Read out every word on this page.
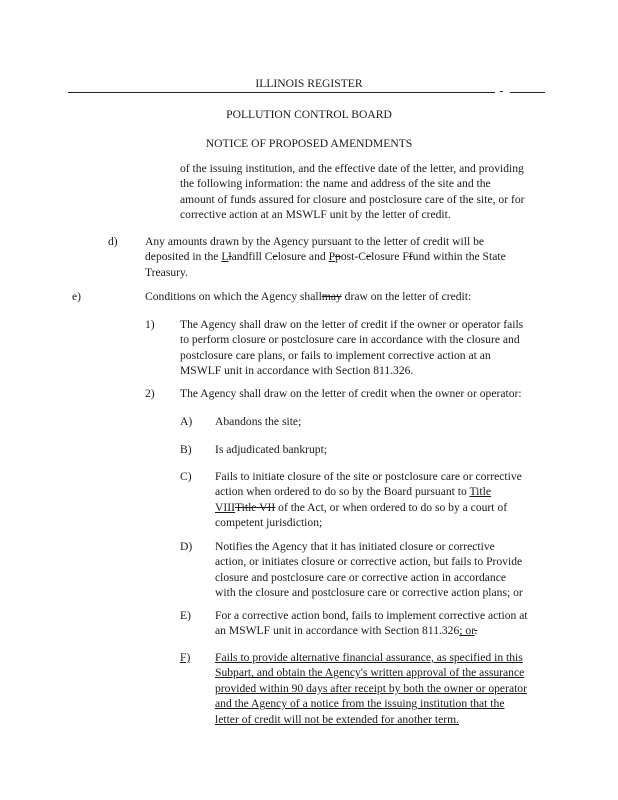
ILLINOIS REGISTER
POLLUTION CONTROL BOARD
NOTICE OF PROPOSED AMENDMENTS
of the issuing institution, and the effective date of the letter, and providing
the following information: the name and address of the site and the
amount of funds assured for closure and postclosure care of the site, or for
corrective action at an MSWLF unit by the letter of credit.
d) Any amounts drawn by the Agency pursuant to the letter of credit will be
deposited in the Llandfill Celosure and Ppost-Celosure Ffund within the State
Treasury.
e)	Conditions on which the Agency shallmay draw on the letter of credit:
1) The Agency shall draw on the letter of credit if the owner or operator fails
to perform closure or postclosure care in accordance with the closure and
postclosure care plans, or fails to implement corrective action at an
MSWLF unit in accordance with Section 811.326.
2) The Agency shall draw on the letter of credit when the owner or operator:
A) Abandons the site;
B) Is adjudicated bankrupt;
C) Fails to initiate closure of the site or postclosure care or corrective
action when ordered to do so by the Board pursuant to Title
VIIITitle VII of the Act, or when ordered to do so by a court of
competent jurisdiction;
D) Notifies the Agency that it has initiated closure or corrective
action, or initiates closure or corrective action, but fails to Provide
closure and postclosure care or corrective action in accordance
with the closure and postclosure care or corrective action plans; or
E) For a corrective action bond, fails to implement corrective action at
an MSWLF unit in accordance with Section 811.326; or.
F) Fails to provide alternative financial assurance, as specified in this
Subpart, and obtain the Agency's written approval of the assurance
provided within 90 days after receipt by both the owner or operator
and the Agency of a notice from the issuing institution that the
letter of credit will not be extended for another term.
